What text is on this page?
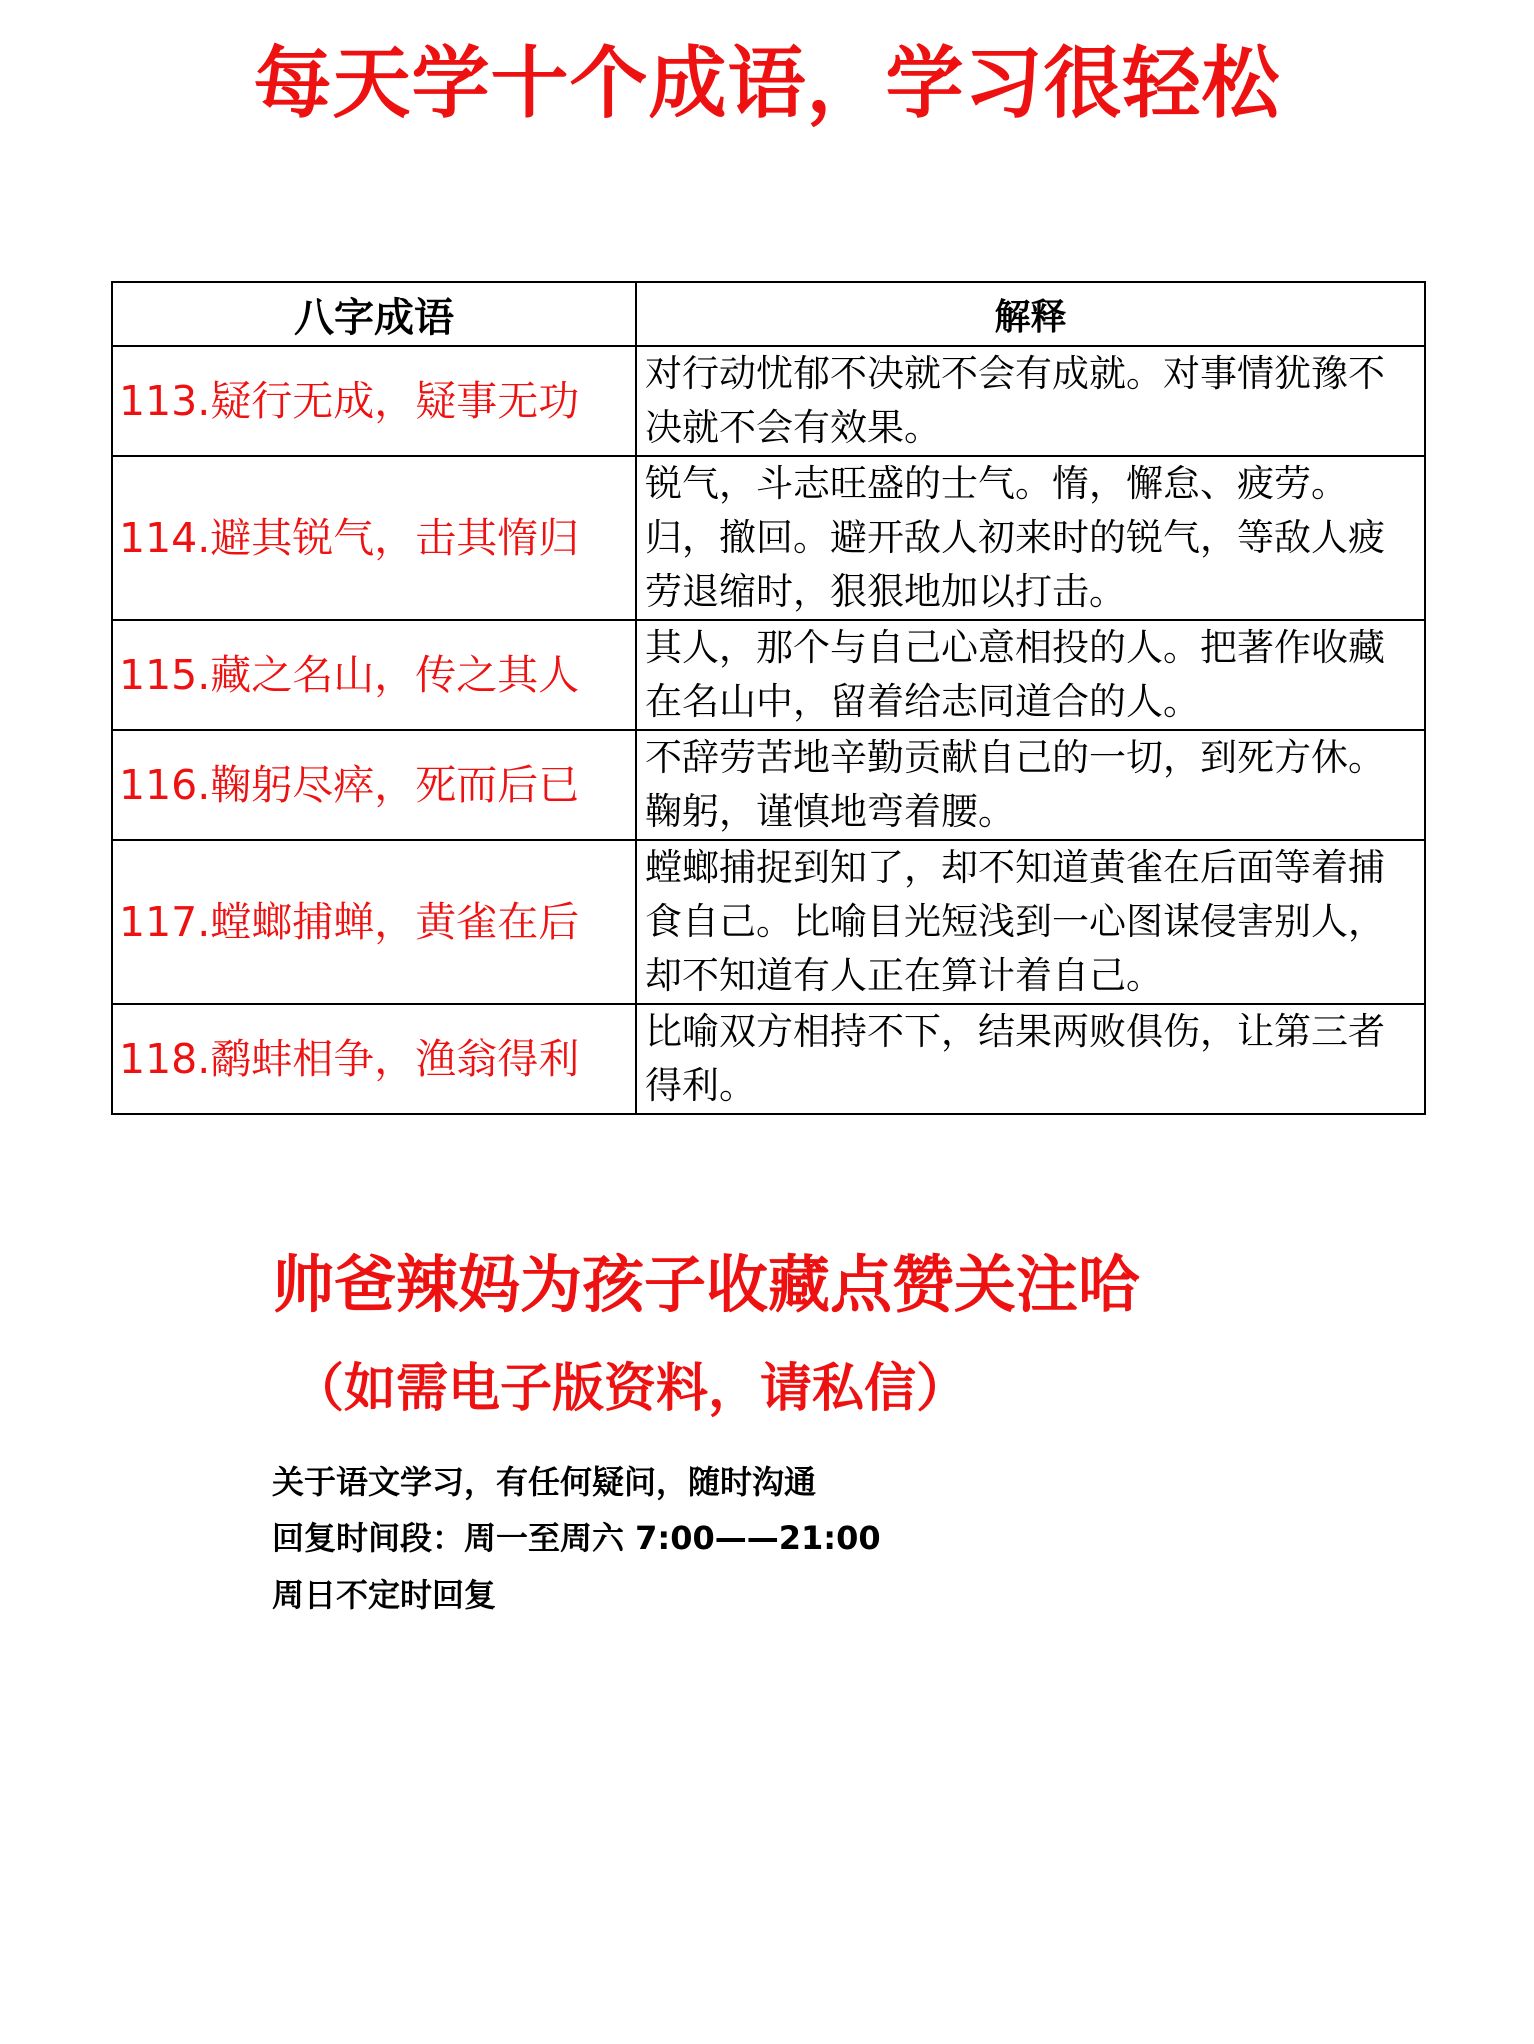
每天学十个成语，学习很轻松
八字成语	解释
113.疑行无成，疑事无功	对行动忧郁不决就不会有成就。对事情犹豫不决就不会有效果。
114.避其锐气，击其惰归	锐气，斗志旺盛的士气。惰，懈怠、疲劳。归，撤回。避开敌人初来时的锐气，等敌人疲劳退缩时，狠狠地加以打击。
115.藏之名山，传之其人	其人，那个与自己心意相投的人。把著作收藏在名山中，留着给志同道合的人。
116.鞠躬尽瘁，死而后已	不辞劳苦地辛勤贡献自己的一切，到死方休。鞠躬，谨慎地弯着腰。
117.螳螂捕蝉，黄雀在后	螳螂捕捉到知了，却不知道黄雀在后面等着捕食自己。比喻目光短浅到一心图谋侵害别人，却不知道有人正在算计着自己。
118.鹬蚌相争，渔翁得利	比喻双方相持不下，结果两败俱伤，让第三者得利。
帅爸辣妈为孩子收藏点赞关注哈
（如需电子版资料，请私信）
关于语文学习，有任何疑问，随时沟通
回复时间段：周一至周六 7:00——21:00
周日不定时回复
